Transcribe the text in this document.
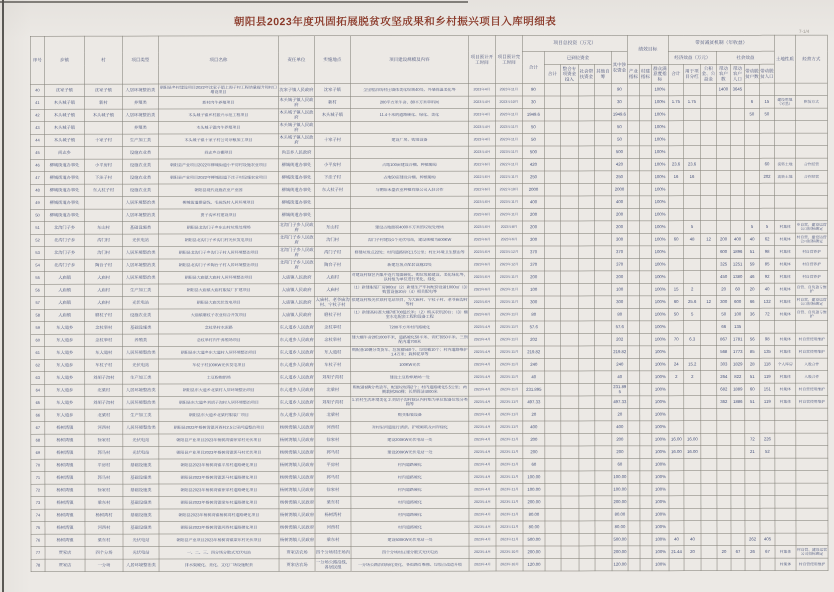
朝阳县2023年度巩固拓展脱贫攻坚成果和乡村振兴项目入库明细表
7-1/4
序号	乡镇	村	项目类型	项目名称	责任单位	实施地点	项目建设规模及内容	项目预计开工时间	项目预计完工时间	项目总投资（万元）						绩效目标			带贫减贫机制（年收益）							土地性质	经营方式
										合计	已到位资金				其中涉农资金				经济效益（万元）			社会效益					
											合计	整合专项资金投入	社会帮扶资金	其他自筹		产业指标	村建指标	群众满意度指标	合计	用于项目分红	公积金、公益金	带动农户数	带动农户人口	带动脱贫户数	带动脱贫人口		

40	沈家子镇	沈家子镇	人居环境整治类	朝阳县乡村建设项目2022年沈家子镇上海子村工程质量提升和村口增设项目	沈家子镇人民政府	沈家子镇	全里程沿线村庄墙体美化绘制40处、外墙保温美化等	2023年4月	2023年11月	90					90			100%				1400	3645				

41	木头城子镇	新村	养殖类	新村肉牛养殖项目	木头城子镇人民政府	新村	200平方米牛舍、80平方米草料间	2023年4月	2023年10月	30					30			100%	1.75	1.75				6	15	建设用地（宅基）	租赁方式

42	木头城子镇	木头城子镇	人居环境整治类	木头城子镇乡村振兴示范工程项目	木头城子镇人民政府	木头城子镇	11.4千米的道路硬化、绿化、美化	2023年4月	2023年11月	1949.6					1949.6			100%						50	50		

43	木头城子镇		养殖类	木头城子镇肉牛养殖项目	木头城子镇人民政府			2023年4月	2023年11月	50					50			100%									

44	木头城子镇	十家子村	生产加工类	木头城子镇十家子村公司杂粮加工项目	木头城子镇人民政府	十家子村	建设厂房、购进设备	2023年4月	2023年11月	50					50			100%									

45	尚志乡		设施农业类	尚志乡冷棚项目	尚志乡人民政府			2023年4月	2023年11月	500					500			100%									

46	柳城街道办事处	小平房村	设施农业类	朝阳县产业项目2022年柳城街道小平房村设施农业项目	柳城街道办事处	小平房村	占地100亩建设冷棚、种植葡萄	2022年6月	2022年11月	420					420			100%	23.6	23.6					60	流转土地	合作经营

47	柳城街道办事处	下洼子村	设施农业类	朝阳县产业项目2022年柳城街道下洼子村设施农业项目	柳城街道办事处	下洼子村	占地50亩建设冷棚、种植葡萄	2022年6月	2022年11月	250					250			100%	16	16					202	流转土地	合作经营

48	柳城街道办事处	东大杖子村	设施农业类	朝阳县现代设施农业产业园	柳城街道办事处	东大杖子村	与朝阳禾盛农业种植有限公司入驻合作	2022年6月	2022年10月	2000					2000			100%									

49	柳城街道办事处		人居环境整治类	柳城街道摆宴线、毛祝线村人居环境项目	柳城街道办事处			2023年6月	2023年11月	400					400			100%									

50	柳城街道办事处		人居环境整治类	贾子沟乡村建设项目	柳城街道办事处			2023年6月	2023年11月	200					200			100%									

51	北沟门子乡	东山村	基础设施类	朝阳县北沟门子乡东山村垃圾处理场	北沟门子乡人民政府	东山村	建设占地面积4000平方米的垃圾处理场	2023年6月	2023年8月	200					200			100%		5				5	5	村集体	乡自营、建设运营公司招标确定

52	北沟门子乡	沟门村	光伏电站	朝阳县北沟门子乡沟门村光伏发电项目	北沟门子乡人民政府	沟门村	沟门子村建设1个光伏电站，建设规模为600KW	2023年6月	2023年6月	300					300			100%	60	48	12	200	400	40	62	村集体	村自营、建设运营公司招标确定

53	北沟门子乡	沟门村	人居环境整治类	朝阳县北沟门子乡沟门子村人居环境整治项目	北沟门子乡人民政府	沟门子村	修建垃圾点22处；村内道路绿化1.5公里；村庄环境卫生整治等	2023年6月	2023年12月	370					370			100%				600	1896	51	98	村集体	村自营养护

54	北沟门子乡	陶台子村	人居环境整治类	朝阳县北沟门子乡陶台子村人居环境整治项目	北沟门子乡人民政府	陶台子村	新建垃圾点配套设施22处	2023年6月	2023年12月	370					370			100%				325	1251	59	85	村集体	村自营养护

55	大庙镇	大庙村	人居环境整治类	朝阳县大庙镇大庙村人居环境整治项目	大庙镇人民政府	大庙村	对建设村辖区内集中连片地面硬化、购垃圾箱建设、美化绿化等，以村组为单位进行美化、绿化	2023年6月	2023年11月	200					200			100%				450	1380	46	92	村集体	村自营养护

56	大庙镇	大庙村	生产加工类	朝阳县大庙镇大庙村服装厂扩建项目	大庙镇人民政府	大庙村	（1）新建服装厂房900㎡（2）新建生产车间配套设备1000㎡（3）购置设备20台（4）相关配电等	2023年6月	2023年11月	100					100			100%	15	2		20	60	20	40	村集体	自营、自负盈亏维护

57	大庙镇	大庙村	光伏电站	朝阳县大庙光伏发电项目	大庙镇人民政府	大庙村、老爷庙沟村、宁杖子村	拟建设村级光伏联村电站项目，为大庙村、宁杖子村、老爷庙沟村等村	2023年6月	2023年11月	300					300			100%	60	25.6	12	300	600	66	132	村集体	村自营、建设运营公司招标确定

58	大庙镇	磨杖子村	设施农业类	大庙镇磨杖子农业综合开发项目	大庙镇人民政府	磨杖子村	（1）新建高标准大棚7栋700延长米；（2）购买农机20台；（3）棚室水电配套工程和设备工程	2023年6月	2023年11月	80					80			100%	50	5		50	100	36	72	村集体	自营、自负盈亏维护

59	东大道乡	念杖皋村	基础设施类	念杖皋村水泥路	东大道乡人民政府	念杖皋村	7200平方米村内路硬化	2023年4月	2023年11月	57.6					57.6			100%				66	135				

60	东大道乡	念杖皋村	养殖类	念杖皋村肉牛养殖场项目	东大道乡人民政府	念杖皋村	建大棚牛舍2栋1000平米，道路硬化50平米、青贮窖50平米、三期配内道700米	2023年4月	2023年11月	202					202			100%	70	6.3		867	1781	56	98	村集体	村自营使用维护

61	东大道乡	东大道村	人居环境整治类	朝阳县东大道乡东大道村人居环境整治项目	东大道乡人民政府	东大道村	购配备10辆分类货车、垃圾箱560个、垃圾桶10个；村内道路维护1.4万米；栽种花草等	2023年4月	2023年11月	219.82					219.82			100%				568	1773	85	135	村集体	村自营使用维护

62	东大道乡	车杖子村	光伏电站	车杖子村100KW光伏发电项目	东大道乡人民政府	车杖子村	100KW光伏	2023年4月	2023年11月	240					240			100%	24	15.2		303	1829	28	118	个人库房	入股合作

63	东大道乡	刘胡子沟村	生产加工类	土豆粉购销场	东大道乡人民政府	刘胡子沟村	建设土豆粉烘晒场一处	2023年4月	2023年11月	40					40			100%	2	2		264	822	51	119	村集体	入股合作

64	东大道乡	北梁村	人居环境整治类	朝阳县东大道乡北梁村人居环境整治项目	东大道乡人民政府	北梁村	购配备6辆分类货车、配置垃圾箱2个；村内道路硬化5.5公里；两侧栽树250棵；长期保洁4000米	2023年4月	2023年11月	231.895					231.895			100%				682	1889	60	151	村集体	村自营使用维护

65	东大道乡	刘胡子沟村	人居环境整治类	朝阳县东大道乡刘胡子沟村人居环境整治项目	东大道乡人民政府	刘胡子沟村	1.农村生活环境美化 2.刘胡子沟村辖区内村组为单位配备垃圾分类箱等	2023年4月	2023年11月	497.33					497.33			100%				362	1886	51	119	村集体	村自营使用维护

66	东大道乡	北梁村	生产加工类	朝阳县东大道乡北梁村服装厂项目	东大道乡人民政府	北梁村	购买服装设备	2023年4月	2023年11月	20					20			100%									

67	杨树湾镇	河西村	人居环境整治类	朝阳县2023年杨树湾镇河西村2.5公里河道整治项目	杨树湾镇人民政府	河西村	对村里河道进行清淤、护坡砌筑及河岸绿化	2023年4月	2023年11月	400					400			100%									

68	杨树湾镇	徐家村	光伏电站	朝阳县产业项目2023年杨树湾镇徐家村光伏项目	杨树湾镇人民政府	徐家村	建设200KW光伏电站一处	2023年4月	2023年11月	200					200			100%	16.00	16.00				72	226		

69	杨树湾镇	郭马村	光伏电站	朝阳县产业项目2023年杨树湾镇郭马村光伏项目	杨树湾镇人民政府	郭马村	建设200KW光伏电站一处	2023年4月	2023年11月	200					200			100%	16.00	16.00				21	52		

70	杨树湾镇	平房村	基础设施类	朝阳县2023年杨树湾镇平房村道路硬化项目	杨树湾镇人民政府	平房村	村内道路硬化	2023年4月	2023年11月	60					60			100%									

71	杨树湾镇	郭马村	基础设施类	朝阳县2023年杨树湾镇郭马村道路硬化项目	杨树湾镇人民政府	郭马村	村内道路硬化	2023年4月	2023年11月	100.00					100.00			100%									

72	杨树湾镇	徐家村	基础设施类	朝阳县2023年杨树湾镇徐家村道路硬化项目	杨树湾镇人民政府	徐家村	村内道路硬化	2023年4月	2023年11月	100.00					100.00			100%									

73	杨树湾镇	梁东村	基础设施类	朝阳县2023年杨树湾镇梁东村道路硬化项目	杨树湾镇人民政府	梁东村	村内道路硬化	2023年4月	2023年11月	200.00					200.00			100%									

74	杨树湾镇	杨树湾村	基础设施类	朝阳县2023年杨树湾镇杨树湾村道路硬化项目	杨树湾镇人民政府	杨树湾村	村内道路硬化	2023年4月	2023年11月	80.00					80.00			100%									

75	杨树湾镇	河西村	基础设施类	朝阳县2023年杨树湾镇河西村道路硬化项目	杨树湾镇人民政府	河西村	村内道路硬化	2023年4月	2023年11月	80.00					80.00			100%									

76	杨树湾镇	梁东村	光伏电站	朝阳县产业项目2023年杨树湾镇梁东村光伏项目	杨树湾镇人民政府	梁东村	建设500KW光伏电站一处	2023年4月	2023年11月	500.00					500.00			100%	40	40				262	405		

77	贾家店	四个分场	光伏电站	一、二、三、四分场分散式光伏电站	贾家店农场	四个分场村庄场内	四个分场村庄建分散式光伏电站	2023年4月	2023年10月	200.00					200.00			100%	21.44	20		20	67	26	67	村集体	村自营、建设运营公司招标确定

78	贾家店	一分场	人居环境整治类	排水渠硬化、亮化、文化广场设施配套	贾家店农场	一分场公路沿线、各居民组	一分场公路沿线绿化亮化、各街路灯维修、垃圾点改造升级	2023年4月	2023年10月	120.00					120.00			100%								村集体	村自营使用维护
